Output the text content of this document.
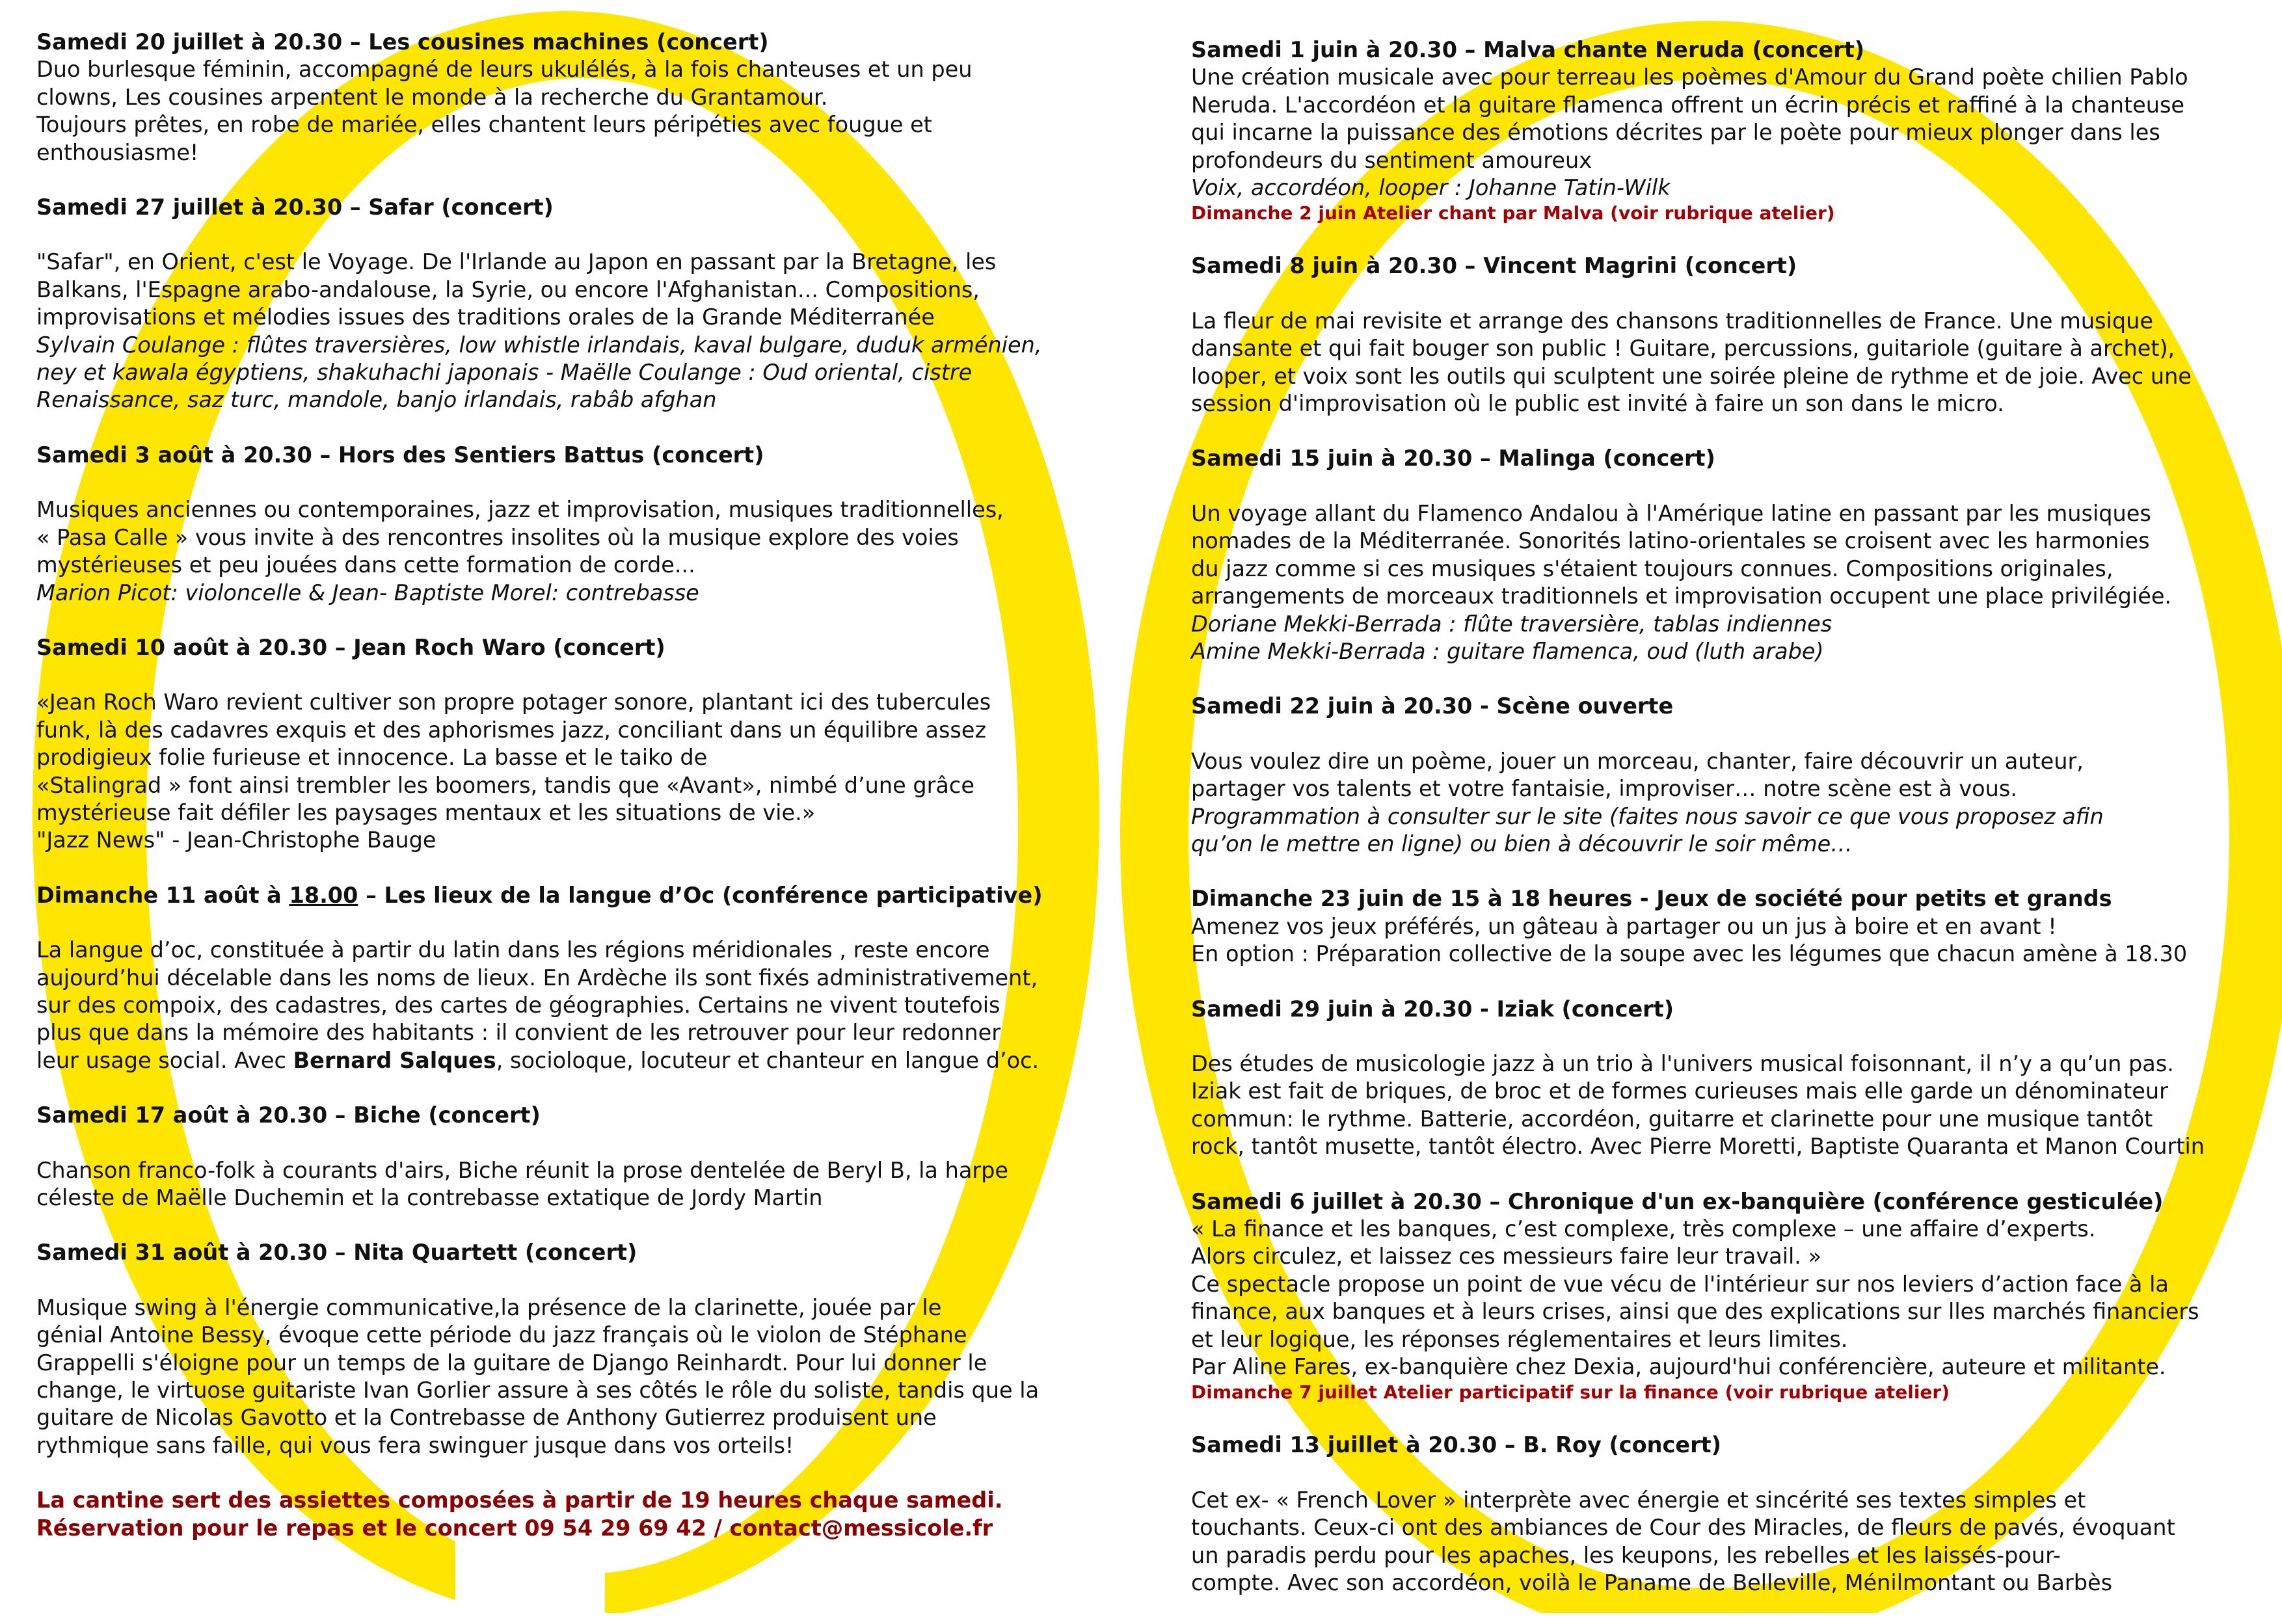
Samedi 20 juillet à 20.30 – Les cousines machines (concert)
Duo burlesque féminin, accompagné de leurs ukulélés, à la fois chanteuses et un peu
clowns, Les cousines arpentent le monde à la recherche du Grantamour.
Toujours prêtes, en robe de mariée, elles chantent leurs péripéties avec fougue et
enthousiasme!
Samedi 27 juillet à 20.30 – Safar (concert)
"Safar", en Orient, c'est le Voyage. De l'Irlande au Japon en passant par la Bretagne, les
Balkans, l'Espagne arabo-andalouse, la Syrie, ou encore l'Afghanistan... Compositions,
improvisations et mélodies issues des traditions orales de la Grande Méditerranée
Sylvain Coulange : flûtes traversières, low whistle irlandais, kaval bulgare, duduk arménien,
ney et kawala égyptiens, shakuhachi japonais - Maëlle Coulange : Oud oriental, cistre
Renaissance, saz turc, mandole, banjo irlandais, rabâb afghan
Samedi 3 août à 20.30 – Hors des Sentiers Battus (concert)
Musiques anciennes ou contemporaines, jazz et improvisation, musiques traditionnelles,
« Pasa Calle » vous invite à des rencontres insolites où la musique explore des voies
mystérieuses et peu jouées dans cette formation de corde...
Marion Picot: violoncelle & Jean- Baptiste Morel: contrebasse
Samedi 10 août à 20.30 – Jean Roch Waro (concert)
«Jean Roch Waro revient cultiver son propre potager sonore, plantant ici des tubercules
funk, là des cadavres exquis et des aphorismes jazz, conciliant dans un équilibre assez
prodigieux folie furieuse et innocence. La basse et le taiko de
«Stalingrad » font ainsi trembler les boomers, tandis que «Avant», nimbé d’une grâce
mystérieuse fait défiler les paysages mentaux et les situations de vie.»
"Jazz News" - Jean-Christophe Bauge
Dimanche 11 août à 18.00 – Les lieux de la langue d’Oc (conférence participative)
La langue d’oc, constituée à partir du latin dans les régions méridionales , reste encore
aujourd’hui décelable dans les noms de lieux. En Ardèche ils sont fixés administrativement,
sur des compoix, des cadastres, des cartes de géographies. Certains ne vivent toutefois
plus que dans la mémoire des habitants : il convient de les retrouver pour leur redonner
leur usage social. Avec Bernard Salques, socioloque, locuteur et chanteur en langue d’oc.
Samedi 17 août à 20.30 – Biche (concert)
Chanson franco-folk à courants d'airs, Biche réunit la prose dentelée de Beryl B, la harpe
céleste de Maëlle Duchemin et la contrebasse extatique de Jordy Martin
Samedi 31 août à 20.30 – Nita Quartett (concert)
Musique swing à l'énergie communicative,la présence de la clarinette, jouée par le
génial Antoine Bessy, évoque cette période du jazz français où le violon de Stéphane
Grappelli s'éloigne pour un temps de la guitare de Django Reinhardt. Pour lui donner le
change, le virtuose guitariste Ivan Gorlier assure à ses côtés le rôle du soliste, tandis que la
guitare de Nicolas Gavotto et la Contrebasse de Anthony Gutierrez produisent une
rythmique sans faille, qui vous fera swinguer jusque dans vos orteils!
La cantine sert des assiettes composées à partir de 19 heures chaque samedi.
Réservation pour le repas et le concert 09 54 29 69 42 / contact@messicole.fr
Samedi 1 juin à 20.30 – Malva chante Neruda (concert)
Une création musicale avec pour terreau les poèmes d'Amour du Grand poète chilien Pablo
Neruda. L'accordéon et la guitare flamenca offrent un écrin précis et raffiné à la chanteuse
qui incarne la puissance des émotions décrites par le poète pour mieux plonger dans les
profondeurs du sentiment amoureux
Voix, accordéon, looper : Johanne Tatin-Wilk
Dimanche 2 juin Atelier chant par Malva (voir rubrique atelier)
Samedi 8 juin à 20.30 – Vincent Magrini (concert)
La fleur de mai revisite et arrange des chansons traditionnelles de France. Une musique
dansante et qui fait bouger son public ! Guitare, percussions, guitariole (guitare à archet),
looper, et voix sont les outils qui sculptent une soirée pleine de rythme et de joie. Avec une
session d'improvisation où le public est invité à faire un son dans le micro.
Samedi 15 juin à 20.30 – Malinga (concert)
Un voyage allant du Flamenco Andalou à l'Amérique latine en passant par les musiques
nomades de la Méditerranée. Sonorités latino-orientales se croisent avec les harmonies
du jazz comme si ces musiques s'étaient toujours connues. Compositions originales,
arrangements de morceaux traditionnels et improvisation occupent une place privilégiée.
Doriane Mekki-Berrada : flûte traversière, tablas indiennes
Amine Mekki-Berrada : guitare flamenca, oud (luth arabe)
Samedi 22 juin à 20.30 - Scène ouverte
Vous voulez dire un poème, jouer un morceau, chanter, faire découvrir un auteur,
partager vos talents et votre fantaisie, improviser… notre scène est à vous.
Programmation à consulter sur le site (faites nous savoir ce que vous proposez afin
qu’on le mettre en ligne) ou bien à découvrir le soir même…
Dimanche 23 juin de 15 à 18 heures - Jeux de société pour petits et grands
Amenez vos jeux préférés, un gâteau à partager ou un jus à boire et en avant !
En option : Préparation collective de la soupe avec les légumes que chacun amène à 18.30
Samedi 29 juin à 20.30 - Iziak (concert)
Des études de musicologie jazz à un trio à l'univers musical foisonnant, il n’y a qu’un pas.
Iziak est fait de briques, de broc et de formes curieuses mais elle garde un dénominateur
commun: le rythme. Batterie, accordéon, guitarre et clarinette pour une musique tantôt
rock, tantôt musette, tantôt électro. Avec Pierre Moretti, Baptiste Quaranta et Manon Courtin
Samedi 6 juillet à 20.30 – Chronique d'un ex-banquière (conférence gesticulée)
« La finance et les banques, c’est complexe, très complexe – une affaire d’experts.
Alors circulez, et laissez ces messieurs faire leur travail. »
Ce spectacle propose un point de vue vécu de l'intérieur sur nos leviers d’action face à la
finance, aux banques et à leurs crises, ainsi que des explications sur lles marchés financiers
et leur logique, les réponses réglementaires et leurs limites.
Par Aline Fares, ex-banquière chez Dexia, aujourd'hui conférencière, auteure et militante.
Dimanche 7 juillet Atelier participatif sur la finance (voir rubrique atelier)
Samedi 13 juillet à 20.30 – B. Roy (concert)
Cet ex- « French Lover » interprète avec énergie et sincérité ses textes simples et
touchants. Ceux-ci ont des ambiances de Cour des Miracles, de fleurs de pavés, évoquant
un paradis perdu pour les apaches, les keupons, les rebelles et les laissés-pour-
compte. Avec son accordéon, voilà le Paname de Belleville, Ménilmontant ou Barbès
